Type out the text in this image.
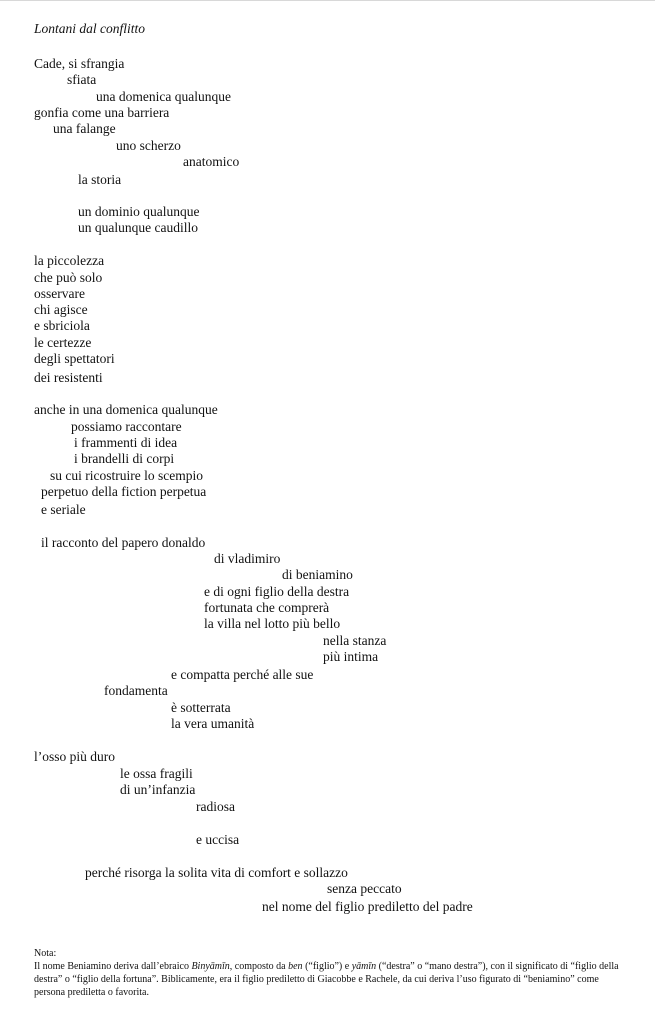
Lontani dal conflitto
Cade, si sfrangia
sfiata
una domenica qualunque
gonfia come una barriera
una falange
uno scherzo
anatomico
la storia
un dominio qualunque
un qualunque caudillo
la piccolezza
che può solo
osservare
chi agisce
e sbriciola
le certezze
degli spettatori
dei resistenti
anche in una domenica qualunque
possiamo raccontare
i frammenti di idea
i brandelli di corpi
su cui ricostruire lo scempio
perpetuo della fiction perpetua
e seriale
il racconto del papero donaldo
di vladimiro
di beniamino
e di ogni figlio della destra
fortunata che comprerà
la villa nel lotto più bello
nella stanza
più intima
e compatta perché alle sue
fondamenta
è sotterrata
la vera umanità
l’osso più duro
le ossa fragili
di un’infanzia
radiosa
e uccisa
perché risorga la solita vita di comfort e sollazzo
senza peccato
nel nome del figlio prediletto del padre

Nota:

Il nome Beniamino deriva dall’ebraico Binyāmīn, composto da ben (“figlio”) e yāmīn (“destra” o “mano destra”), con il significato di “figlio della destra” o “figlio della fortuna”. Biblicamente, era il figlio prediletto di Giacobbe e Rachele, da cui deriva l’uso figurato di “beniamino” come persona prediletta o favorita.
